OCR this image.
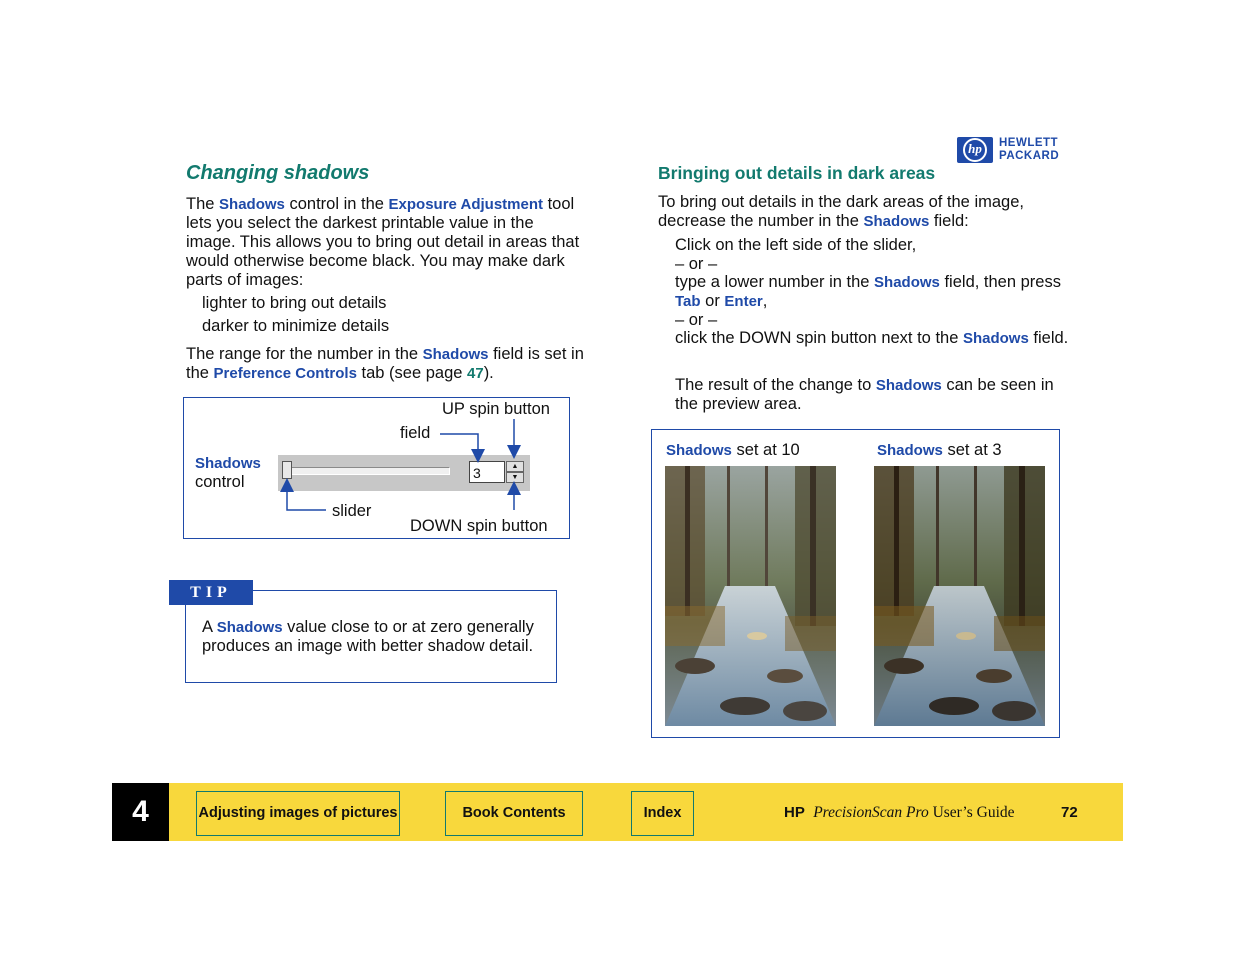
hp	HEWLETT
PACKARD
Changing shadows
The Shadows control in the Exposure Adjustment tool lets you select the darkest printable value in the image. This allows you to bring out detail in areas that would otherwise become black. You may make dark parts of images:
lighter to bring out details
darker to minimize details
The range for the number in the Shadows field is set in the Preference Controls tab (see page 47).
Shadows
control
UP spin button
field
slider
DOWN spin button
3	▲
▼
TIP
A Shadows value close to or at zero generally produces an image with better shadow detail.
Bringing out details in dark areas
To bring out details in the dark areas of the image, decrease the number in the Shadows field:
Click on the left side of the slider,
– or –
type a lower number in the Shadows field, then press Tab or Enter,
– or –
click the DOWN spin button next to the Shadows field.
The result of the change to Shadows can be seen in the preview area.
Shadows set at 10	Shadows set at 3
4	Adjusting images of pictures	Book Contents	Index	HP PrecisionScan Pro User’s Guide	72
